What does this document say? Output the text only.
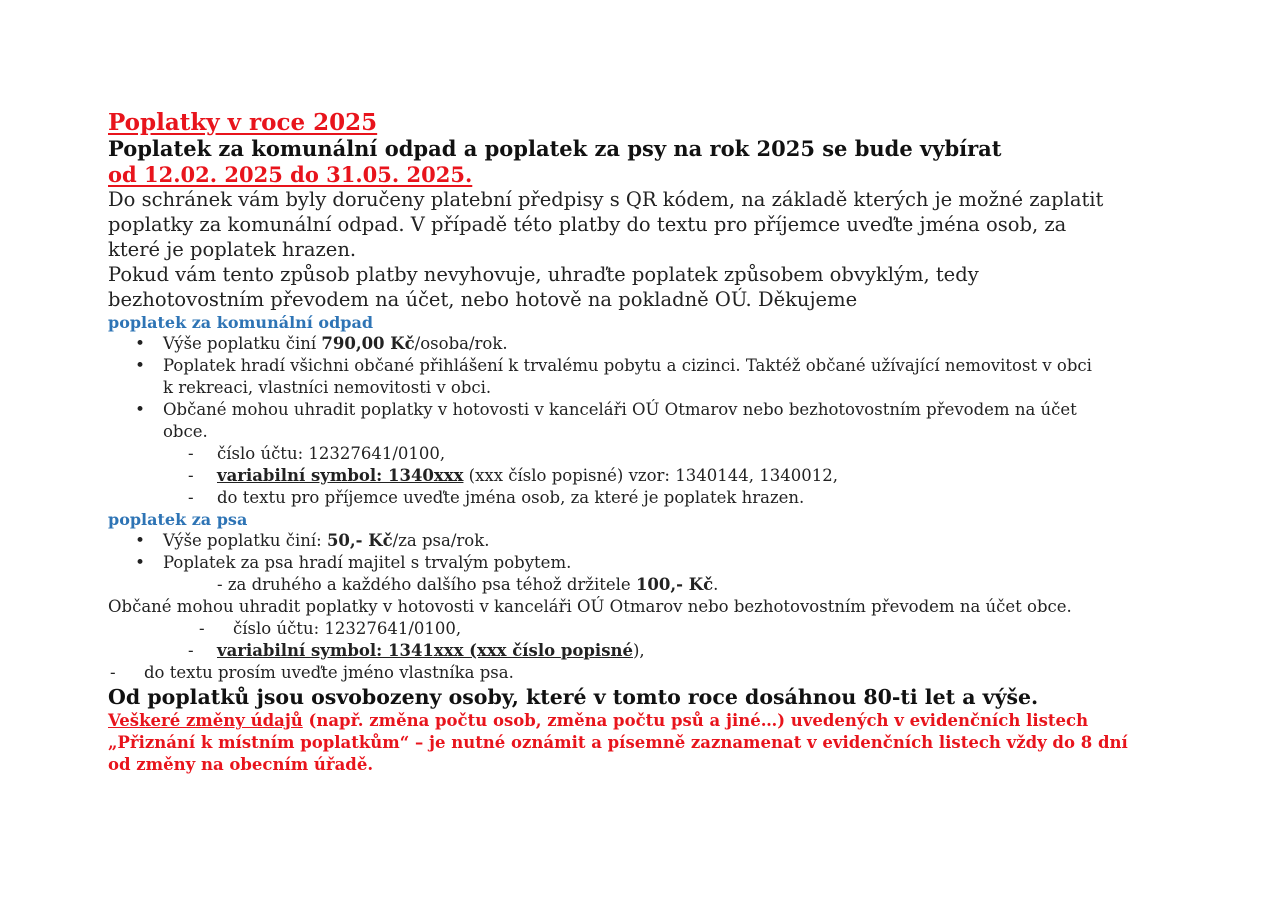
Poplatky v roce 2025
Poplatek za komunální odpad a poplatek za psy na rok 2025 se bude vybírat
od 12.02. 2025 do 31.05. 2025.
Do schránek vám byly doručeny platební předpisy s QR kódem, na základě kterých je možné zaplatit
poplatky za komunální odpad. V případě této platby do textu pro příjemce uveďte jména osob, za
které je poplatek hrazen.
Pokud vám tento způsob platby nevyhovuje, uhraďte poplatek způsobem obvyklým, tedy
bezhotovostním převodem na účet, nebo hotově na pokladně OÚ. Děkujeme
poplatek za komunální odpad
• Výše poplatku činí 790,00 Kč/osoba/rok.
• Poplatek hradí všichni občané přihlášení k trvalému pobytu a cizinci. Taktéž občané užívající nemovitost v obci
k rekreaci, vlastníci nemovitosti v obci.
• Občané mohou uhradit poplatky v hotovosti v kanceláři OÚ Otmarov nebo bezhotovostním převodem na účet
obce.
- číslo účtu: 12327641/0100,
- variabilní symbol: 1340xxx (xxx číslo popisné) vzor: 1340144, 1340012,
- do textu pro příjemce uveďte jména osob, za které je poplatek hrazen.
poplatek za psa
• Výše poplatku činí: 50,- Kč/za psa/rok.
• Poplatek za psa hradí majitel s trvalým pobytem.
- za druhého a každého dalšího psa téhož držitele 100,- Kč.
Občané mohou uhradit poplatky v hotovosti v kanceláři OÚ Otmarov nebo bezhotovostním převodem na účet obce.
- číslo účtu: 12327641/0100,
- variabilní symbol: 1341xxx (xxx číslo popisné),
- do textu prosím uveďte jméno vlastníka psa.
Od poplatků jsou osvobozeny osoby, které v tomto roce dosáhnou 80-ti let a výše.
Veškeré změny údajů (např. změna počtu osob, změna počtu psů a jiné…) uvedených v evidenčních listech
„Přiznání k místním poplatkům“ – je nutné oznámit a písemně zaznamenat v evidenčních listech vždy do 8 dní
od změny na obecním úřadě.
